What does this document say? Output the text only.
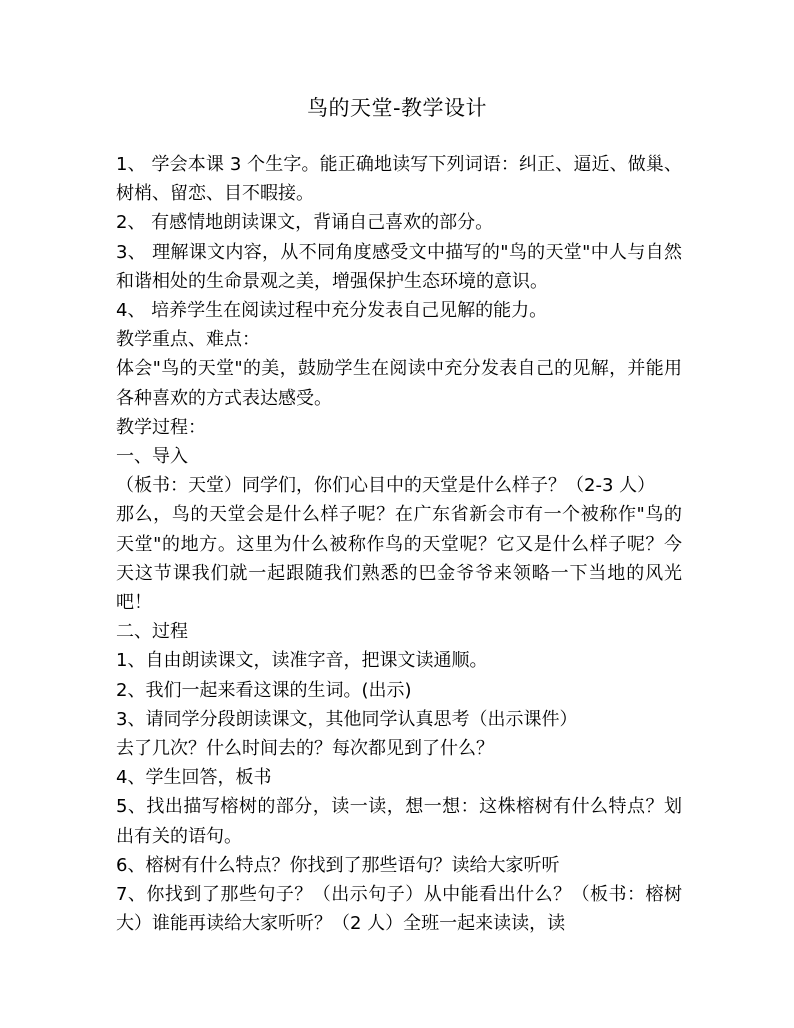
鸟的天堂-教学设计

1、 学会本课 3 个生字。能正确地读写下列词语：纠正、逼近、做巢、树梢、留恋、目不暇接。

2、 有感情地朗读课文，背诵自己喜欢的部分。

3、 理解课文内容，从不同角度感受文中描写的"鸟的天堂"中人与自然和谐相处的生命景观之美，增强保护生态环境的意识。

4、 培养学生在阅读过程中充分发表自己见解的能力。

教学重点、难点：

体会"鸟的天堂"的美，鼓励学生在阅读中充分发表自己的见解，并能用各种喜欢的方式表达感受。

教学过程：

一、导入

（板书：天堂）同学们，你们心目中的天堂是什么样子？（2-3 人）

那么，鸟的天堂会是什么样子呢？在广东省新会市有一个被称作"鸟的天堂"的地方。这里为什么被称作鸟的天堂呢？它又是什么样子呢？今天这节课我们就一起跟随我们熟悉的巴金爷爷来领略一下当地的风光吧！

二、过程

1、自由朗读课文，读准字音，把课文读通顺。

2、我们一起来看这课的生词。(出示)

3、请同学分段朗读课文，其他同学认真思考（出示课件）

去了几次？什么时间去的？每次都见到了什么？

4、学生回答，板书

5、找出描写榕树的部分，读一读，想一想：这株榕树有什么特点？划出有关的语句。

6、榕树有什么特点？你找到了那些语句？读给大家听听

7、你找到了那些句子？（出示句子）从中能看出什么？（板书：榕树大）谁能再读给大家听听？（2 人）全班一起来读读，读
